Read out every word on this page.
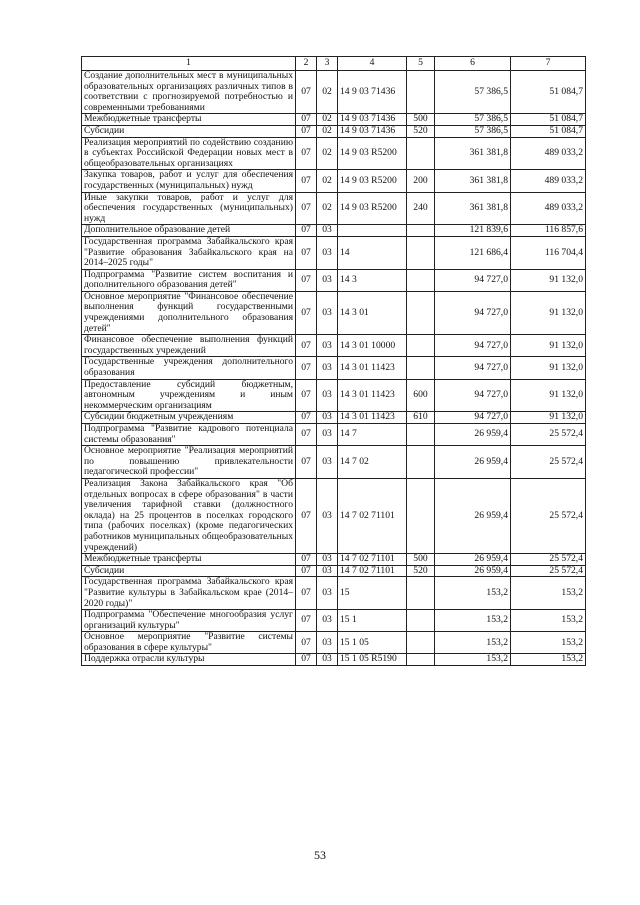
1	2	3	4	5	6	7
Создание дополнительных мест в муниципальных образовательных организациях различных типов в соответствии с прогнозируемой потребностью и современными требованиями	07	02	14 9 03 71436		57 386,5	51 084,7
Межбюджетные трансферты	07	02	14 9 03 71436	500	57 386,5	51 084,7
Субсидии	07	02	14 9 03 71436	520	57 386,5	51 084,7
Реализация мероприятий по содействию созданию в субъектах Российской Федерации новых мест в общеобразовательных организациях	07	02	14 9 03 R5200		361 381,8	489 033,2
Закупка товаров, работ и услуг для обеспечения государственных (муниципальных) нужд	07	02	14 9 03 R5200	200	361 381,8	489 033,2
Иные закупки товаров, работ и услуг для обеспечения государственных (муниципальных) нужд	07	02	14 9 03 R5200	240	361 381,8	489 033,2
Дополнительное образование детей	07	03			121 839,6	116 857,6
Государственная программа Забайкальского края "Развитие образования Забайкальского края на 2014–2025 годы"	07	03	14		121 686,4	116 704,4
Подпрограмма "Развитие систем воспитания и дополнительного образования детей"	07	03	14 3		94 727,0	91 132,0
Основное мероприятие "Финансовое обеспечение выполнения функций государственными учреждениями дополнительного образования детей"	07	03	14 3 01		94 727,0	91 132,0
Финансовое обеспечение выполнения функций государственных учреждений	07	03	14 3 01 10000		94 727,0	91 132,0
Государственные учреждения дополнительного образования	07	03	14 3 01 11423		94 727,0	91 132,0
Предоставление субсидий бюджетным, автономным учреждениям и иным некоммерческим организациям	07	03	14 3 01 11423	600	94 727,0	91 132,0
Субсидии бюджетным учреждениям	07	03	14 3 01 11423	610	94 727,0	91 132,0
Подпрограмма "Развитие кадрового потенциала системы образования"	07	03	14 7		26 959,4	25 572,4
Основное мероприятие "Реализация мероприятий по повышению привлекательности педагогической профессии"	07	03	14 7 02		26 959,4	25 572,4
Реализация Закона Забайкальского края "Об отдельных вопросах в сфере образования" в части увеличения тарифной ставки (должностного оклада) на 25 процентов в поселках городского типа (рабочих поселках) (кроме педагогических работников муниципальных общеобразовательных учреждений)	07	03	14 7 02 71101		26 959,4	25 572,4
Межбюджетные трансферты	07	03	14 7 02 71101	500	26 959,4	25 572,4
Субсидии	07	03	14 7 02 71101	520	26 959,4	25 572,4
Государственная программа Забайкальского края "Развитие культуры в Забайкальском крае (2014–2020 годы)"	07	03	15		153,2	153,2
Подпрограмма "Обеспечение многообразия услуг организаций культуры"	07	03	15 1		153,2	153,2
Основное мероприятие "Развитие системы образования в сфере культуры"	07	03	15 1 05		153,2	153,2
Поддержка отрасли культуры	07	03	15 1 05 R5190		153,2	153,2
53
